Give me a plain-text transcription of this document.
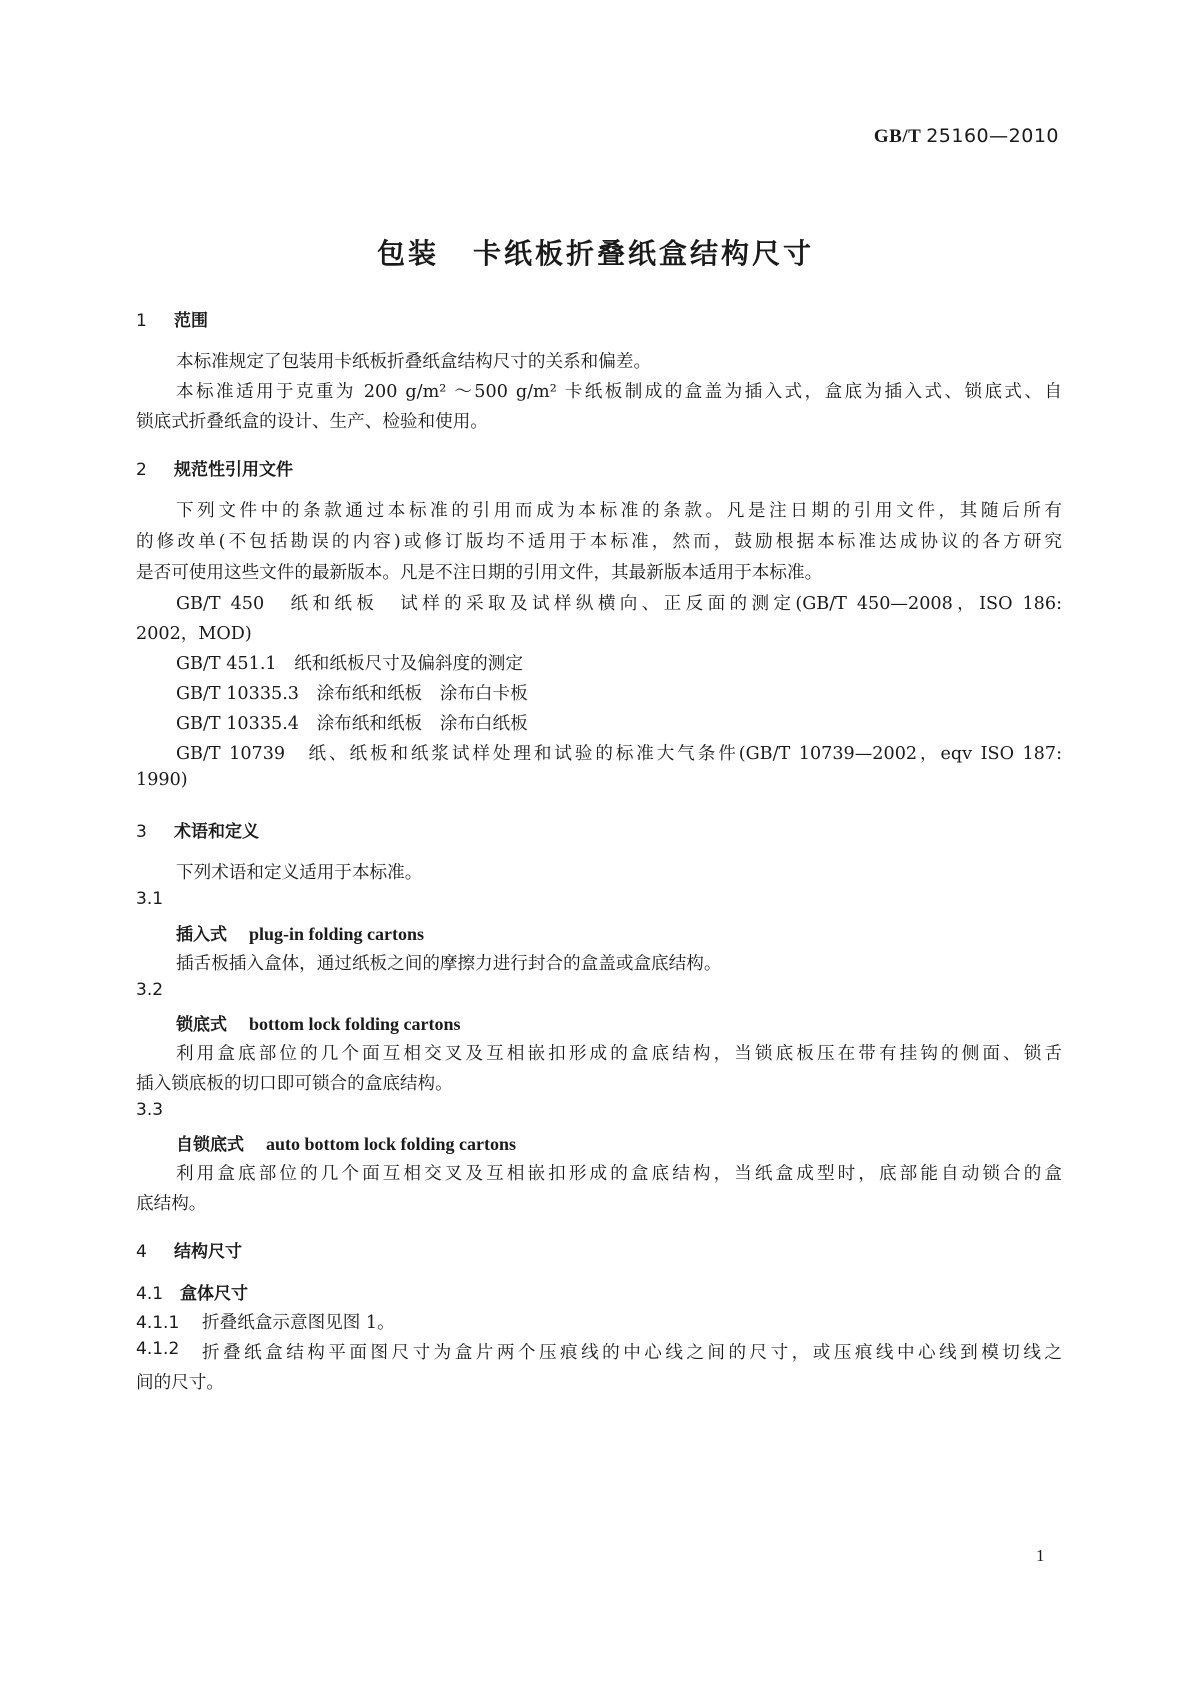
GB/T 25160—2010
包装 卡纸板折叠纸盒结构尺寸
1 范围
本标准规定了包装用卡纸板折叠纸盒结构尺寸的关系和偏差。
本标准适用于克重为 200 g/m² ～500 g/m² 卡纸板制成的盒盖为插入式，盒底为插入式、锁底式、自
锁底式折叠纸盒的设计、生产、检验和使用。
2 规范性引用文件
下列文件中的条款通过本标准的引用而成为本标准的条款。凡是注日期的引用文件，其随后所有
的修改单(不包括勘误的内容)或修订版均不适用于本标准，然而，鼓励根据本标准达成协议的各方研究
是否可使用这些文件的最新版本。凡是不注日期的引用文件，其最新版本适用于本标准。
GB/T 450　纸和纸板　试样的采取及试样纵横向、正反面的测定(GB/T 450—2008，ISO 186:
2002，MOD)
GB/T 451.1　纸和纸板尺寸及偏斜度的测定
GB/T 10335.3　涂布纸和纸板　涂布白卡板
GB/T 10335.4　涂布纸和纸板　涂布白纸板
GB/T 10739　纸、纸板和纸浆试样处理和试验的标准大气条件(GB/T 10739—2002，eqv ISO 187:
1990)
3 术语和定义
下列术语和定义适用于本标准。
3.1
插入式 plug-in folding cartons
插舌板插入盒体，通过纸板之间的摩擦力进行封合的盒盖或盒底结构。
3.2
锁底式 bottom lock folding cartons
利用盒底部位的几个面互相交叉及互相嵌扣形成的盒底结构，当锁底板压在带有挂钩的侧面、锁舌
插入锁底板的切口即可锁合的盒底结构。
3.3
自锁底式 auto bottom lock folding cartons
利用盒底部位的几个面互相交叉及互相嵌扣形成的盒底结构，当纸盒成型时，底部能自动锁合的盒
底结构。
4 结构尺寸
4.1 盒体尺寸
4.1.1 折叠纸盒示意图见图 1。
4.1.2	折叠纸盒结构平面图尺寸为盒片两个压痕线的中心线之间的尺寸，或压痕线中心线到模切线之
间的尺寸。
1
